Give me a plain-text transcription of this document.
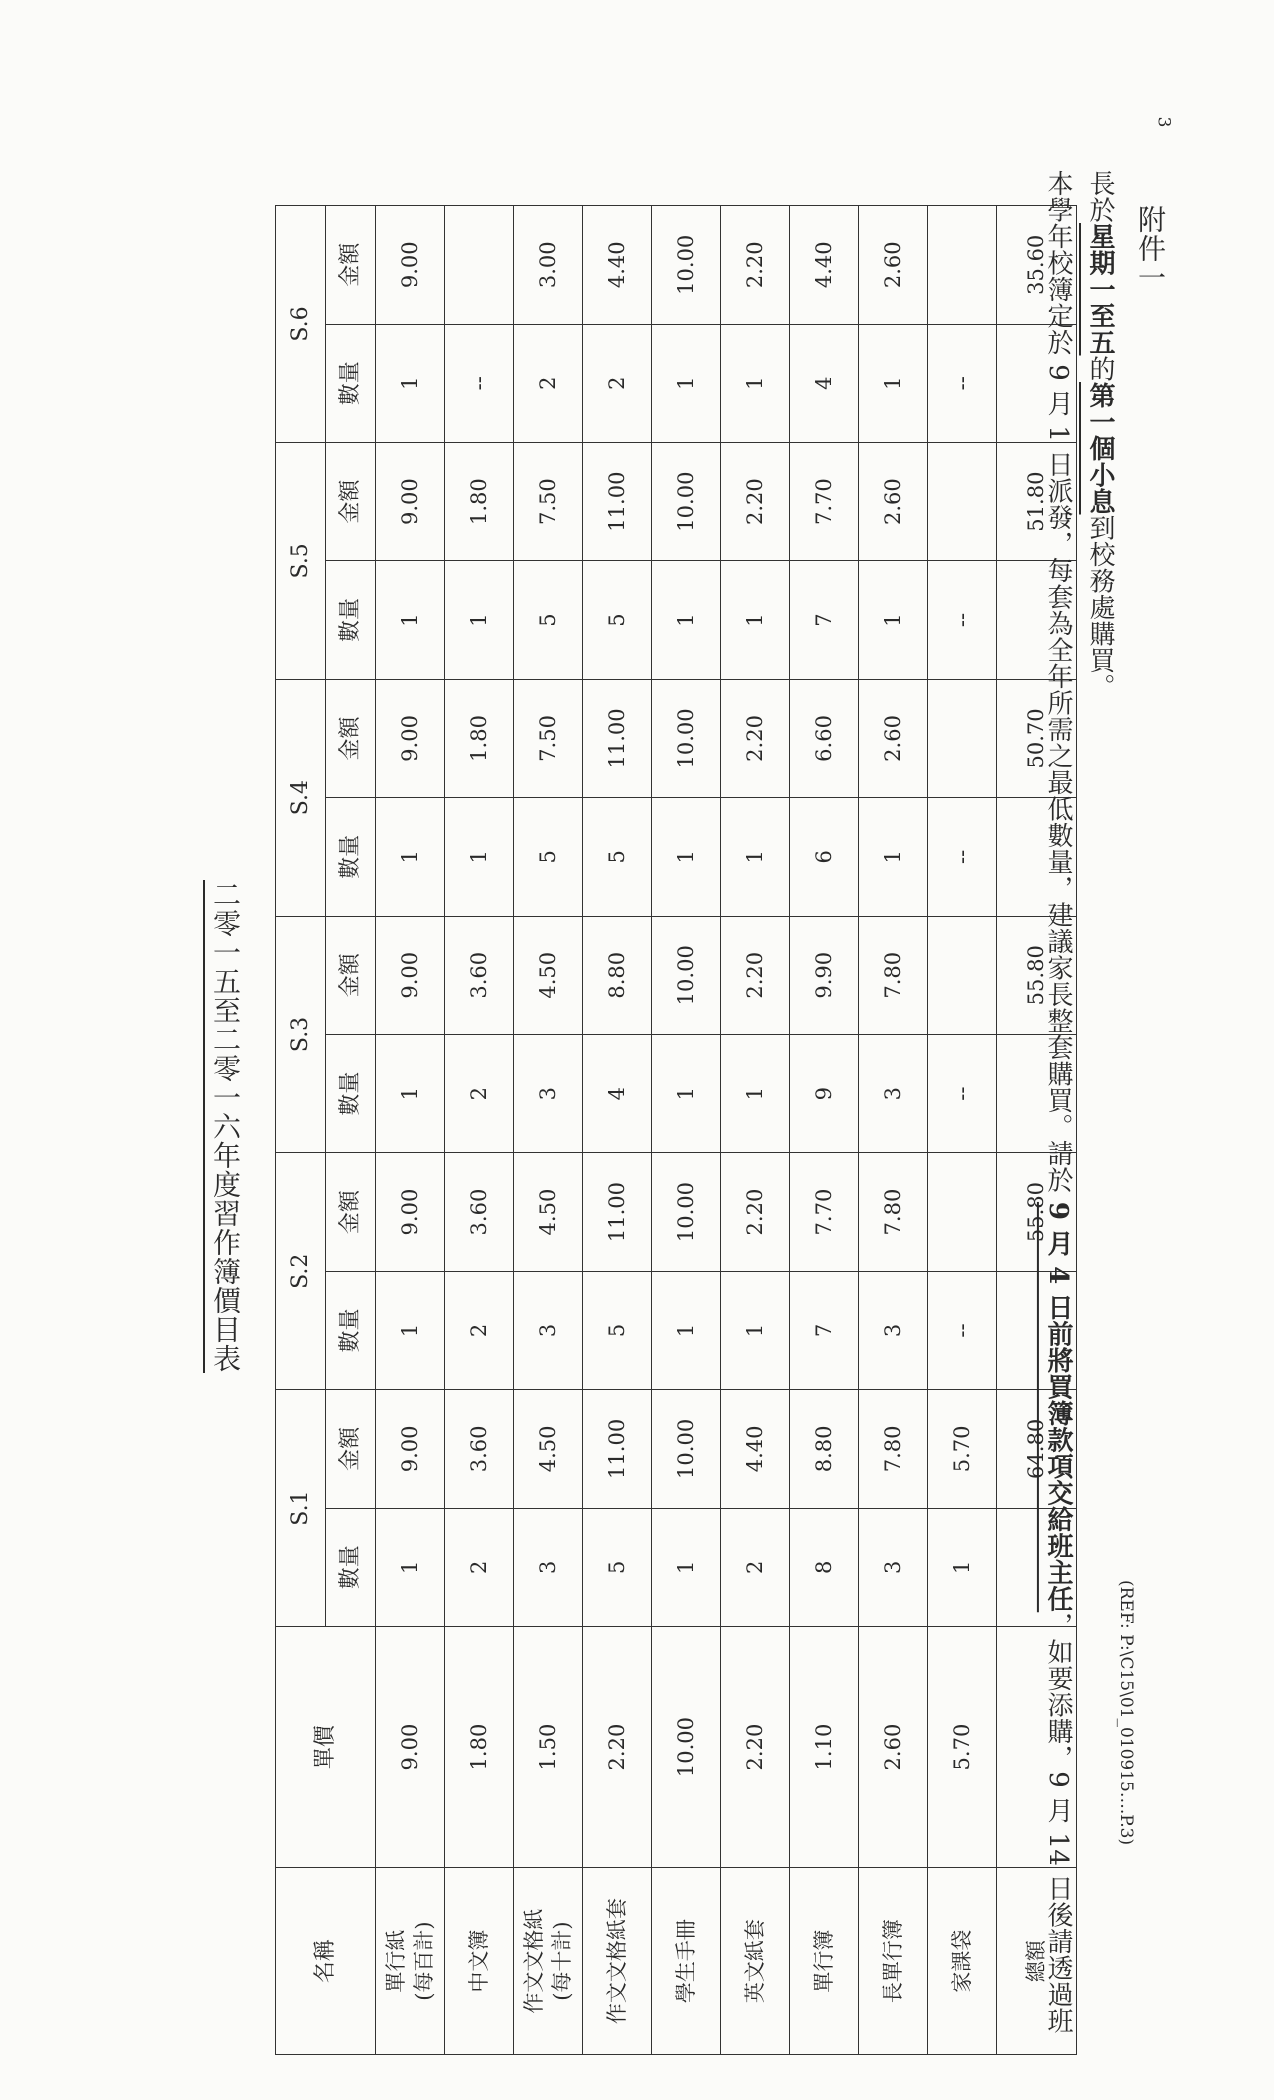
3
附件一
二零一五至二零一六年度習作簿價目表
名稱	單價	S.1		S.2		S.3		S.4		S.5		S.6	
		數量	金額	數量	金額	數量	金額	數量	金額	數量	金額	數量	金額

單行紙 (每百計)	9.00	1	9.00	1	9.00	1	9.00	1	9.00	1	9.00	1	9.00

中文簿	1.80	2	3.60	2	3.60	2	3.60	1	1.80	1	1.80	--	

作文文格紙 (每十計)	1.50	3	4.50	3	4.50	3	4.50	5	7.50	5	7.50	2	3.00

作文文格紙套	2.20	5	11.00	5	11.00	4	8.80	5	11.00	5	11.00	2	4.40

學生手冊	10.00	1	10.00	1	10.00	1	10.00	1	10.00	1	10.00	1	10.00

英文紙套	2.20	2	4.40	1	2.20	1	2.20	1	2.20	1	2.20	1	2.20

單行簿	1.10	8	8.80	7	7.70	9	9.90	6	6.60	7	7.70	4	4.40

長單行簿	2.60	3	7.80	3	7.80	3	7.80	1	2.60	1	2.60	1	2.60

家課袋	5.70	1	5.70	--		--		--		--		--	
總額			64.80		55.80		55.80		50.70		51.80		35.60
本學年校簿定於 9 月 1 日派發，每套為全年所需之最低數量，建議家長整套購買。請於 9 月 4 日前將買簿款項交給班主任，如要添購，9 月 14 日後請透過班
長於星期一至五的第一個小息到校務處購買。
(REF: P:\C15\01_010915….P.3)
